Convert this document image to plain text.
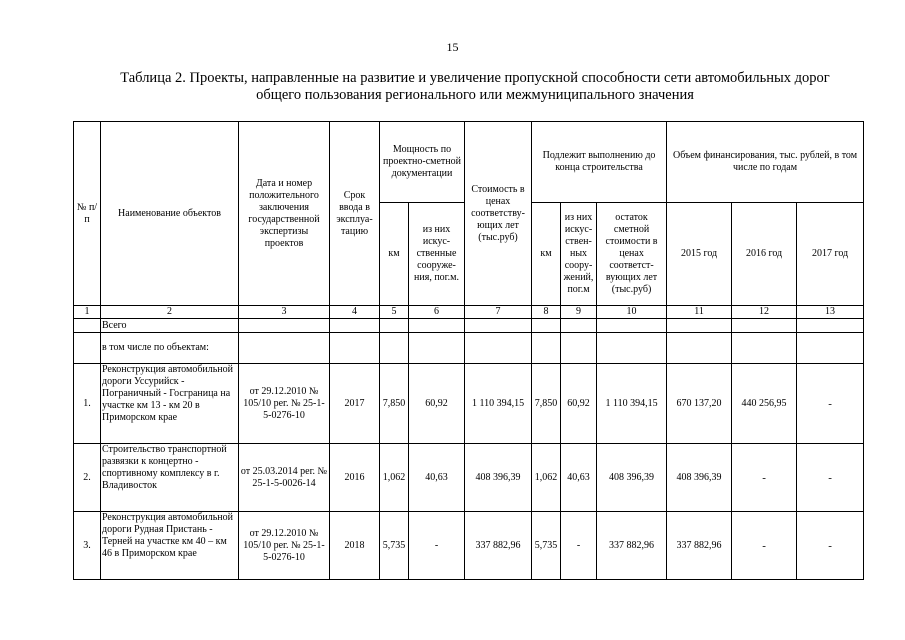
15
Таблица 2. Проекты, направленные на развитие и увеличение пропускной способности сети автомобильных дорог
общего пользования регионального или межмуниципального значения
№ п/п	Наименование объектов	Дата и номер положительного заключения государственной экспертизы проектов	Срок ввода в эксплуа-тацию	Мощность по проектно-сметной документации		Стоимость в ценах соответству-ющих лет (тыс.руб)	Подлежит выполнению до конца строительства			Объем финансирования, тыс. рублей, в том числе по годам		
				км	из них искус-ственные сооруже-ния, пог.м.		км	из них искус-ствен-ных соору-жений, пог.м	остаток сметной стоимости в ценах соответст-вующих лет (тыс.руб)	2015 год	2016 год	2017 год
1	2	3	4	5	6	7	8	9	10	11	12	13
	Всего											
	в том числе по объектам:											
1.	Реконструкция автомобильной дороги Уссурийск - Пограничный - Госграница на участке км 13 - км 20 в Приморском крае	от 29.12.2010 № 105/10 рег. № 25-1-5-0276-10	2017	7,850	60,92	1 110 394,15	7,850	60,92	1 110 394,15	670 137,20	440 256,95	-
2.	Строительство транспортной развязки к концертно - спортивному комплексу в г. Владивосток	от 25.03.2014 рег. № 25-1-5-0026-14	2016	1,062	40,63	408 396,39	1,062	40,63	408 396,39	408 396,39	-	-
3.	Реконструкция автомобильной дороги Рудная Пристань - Терней на участке км 40 – км 46 в Приморском крае	от 29.12.2010 № 105/10 рег. № 25-1-5-0276-10	2018	5,735	-	337 882,96	5,735	-	337 882,96	337 882,96	-	-
